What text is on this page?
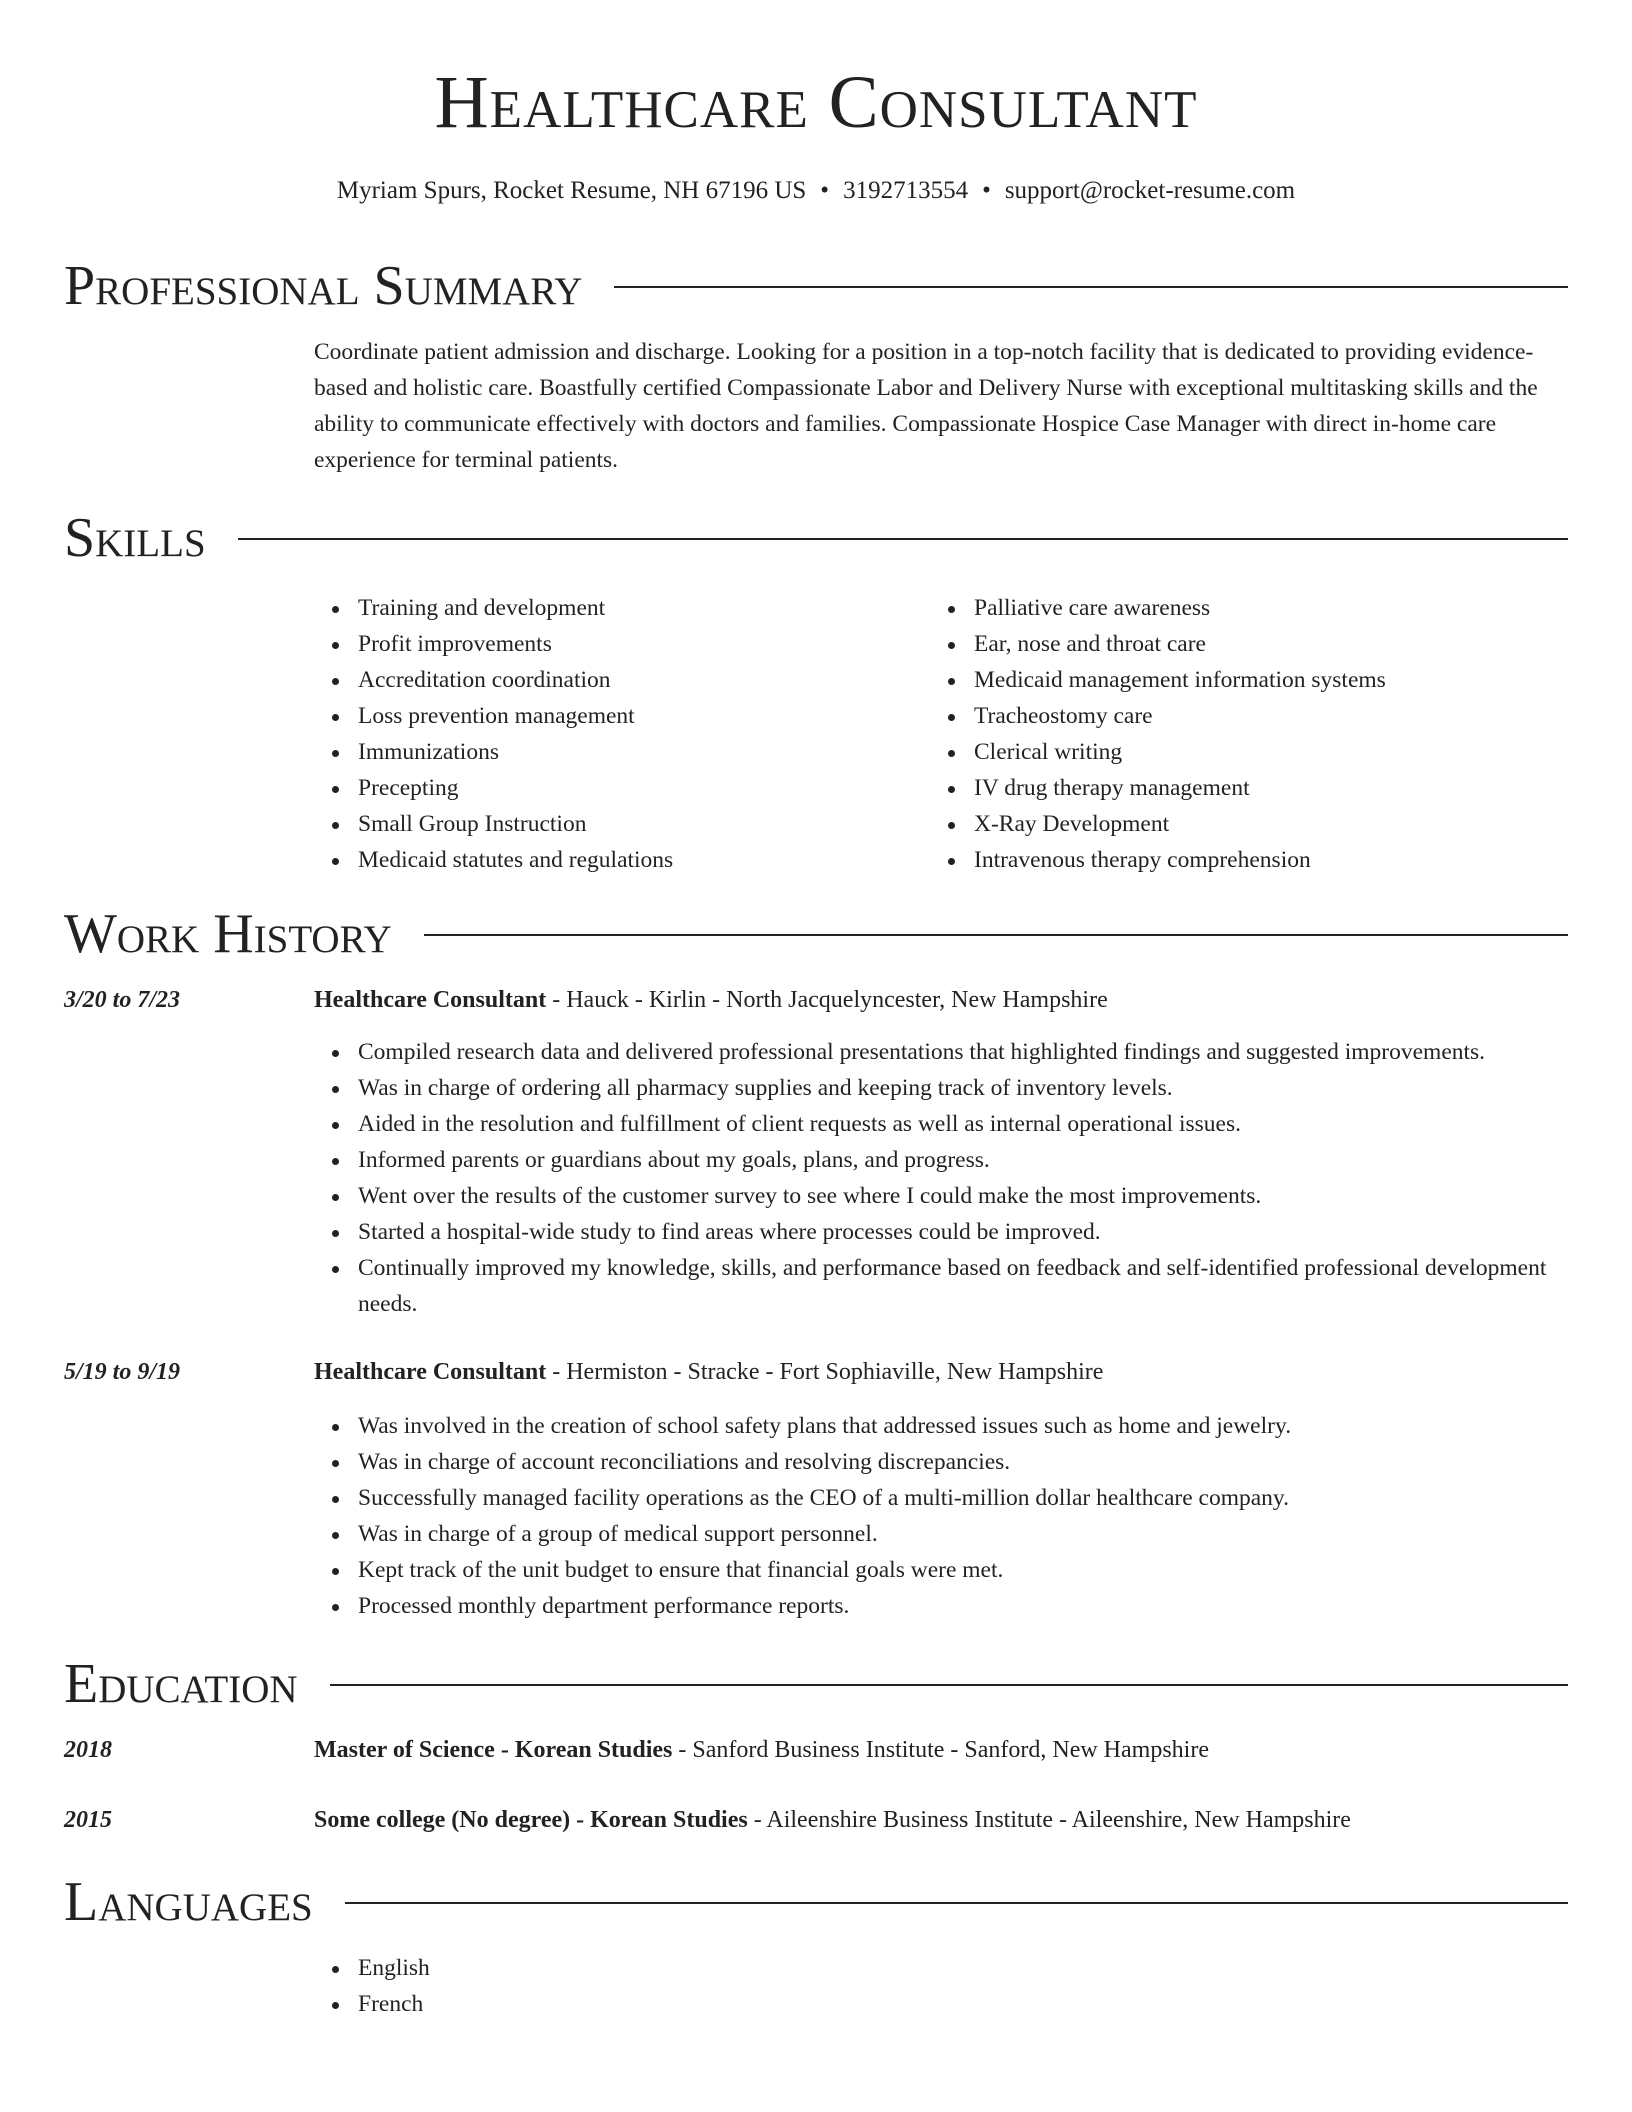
Healthcare Consultant
Myriam Spurs, Rocket Resume, NH 67196 US • 3192713554 • support@rocket-resume.com
Professional Summary
Coordinate patient admission and discharge. Looking for a position in a top-notch facility that is dedicated to providing evidence-based and holistic care. Boastfully certified Compassionate Labor and Delivery Nurse with exceptional multitasking skills and the ability to communicate effectively with doctors and families. Compassionate Hospice Case Manager with direct in-home care experience for terminal patients.
Skills
Training and development
Profit improvements
Accreditation coordination
Loss prevention management
Immunizations
Precepting
Small Group Instruction
Medicaid statutes and regulations
Palliative care awareness
Ear, nose and throat care
Medicaid management information systems
Tracheostomy care
Clerical writing
IV drug therapy management
X-Ray Development
Intravenous therapy comprehension
Work History
3/20 to 7/23	Healthcare Consultant - Hauck - Kirlin - North Jacquelyncester, New Hampshire
Compiled research data and delivered professional presentations that highlighted findings and suggested improvements.
Was in charge of ordering all pharmacy supplies and keeping track of inventory levels.
Aided in the resolution and fulfillment of client requests as well as internal operational issues.
Informed parents or guardians about my goals, plans, and progress.
Went over the results of the customer survey to see where I could make the most improvements.
Started a hospital-wide study to find areas where processes could be improved.
Continually improved my knowledge, skills, and performance based on feedback and self-identified professional development needs.
5/19 to 9/19	Healthcare Consultant - Hermiston - Stracke - Fort Sophiaville, New Hampshire
Was involved in the creation of school safety plans that addressed issues such as home and jewelry.
Was in charge of account reconciliations and resolving discrepancies.
Successfully managed facility operations as the CEO of a multi-million dollar healthcare company.
Was in charge of a group of medical support personnel.
Kept track of the unit budget to ensure that financial goals were met.
Processed monthly department performance reports.
Education
2018	Master of Science - Korean Studies - Sanford Business Institute - Sanford, New Hampshire
2015	Some college (No degree) - Korean Studies - Aileenshire Business Institute - Aileenshire, New Hampshire
Languages
English
French
